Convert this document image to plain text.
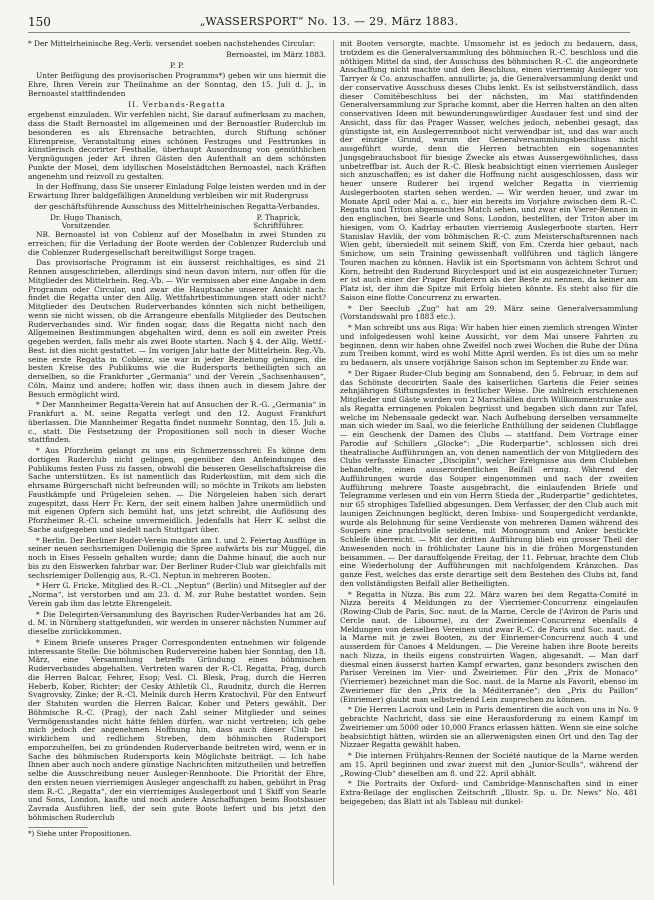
150	„WASSERSPORT“ No. 13. — 29. März 1883.

* Der Mittelrheinische Reg.-Verb. versendet soeben nachstehendes Circular:

Bernoastel, im März 1883.

P. P.

Unter Beifügung des provisorischen Programms*) geben wir uns hiermit die Ehre, Ihren Verein zur Theilnahme an der Sonntag, den 15. Juli d. J., in Bernoastel stattfindenden

II. Verbands-Regatta

ergebenst einzuladen. Wir verfehlen nicht, Sie darauf aufmerksam zu machen, dass die Stadt Bernoastel im allgemeinen und der Bernoastler Ruderclub im besonderen es als Ehrensache betrachten, durch Stiftung schöner Ehrenpreise, Veranstaltung eines schönen Festzuges und Festtrunkes in künstlerisch decorirter Festhalle, überhaupt Ausordnung von gemüthlichen Vergnügungen jeder Art ihren Gästen den Aufenthalt an dem schönsten Punkte der Mosel, dem idyllischen Moselstädtchen Bernoastel, nach Kräften angenehm und reizvoll zu gestalten.

In der Hoffnung, dass Sie unserer Einladung Folge leisten werden und in der Erwartung Ihrer baldgefälligen Anmeldung verbleiben wir mit Rudergruss

der geschäftsführende Ausschuss des Mittelrheinischen Regatta-Verbandes.

Dr. Hugo Thanisch,
Vorsitzender.
P. Thaprick,
Schriftführer.

NB. Bernoastel ist von Coblenz auf der Moselbahn in zwei Stunden zu erreichen; für die Verladung der Boote werden der Coblenzer Ruderclub und die Coblenzer Rudergesellschaft bereitwilligst Sorge tragen.

Das provisorische Programm ist ein äusserst reichhaltiges, es sind 21 Rennen ausgeschrieben, allerdings sind neun davon intern, nur offen für die Mitglieder des Mittelrhein. Reg.-Vb. — Wir vermissen aber eine Angabe in dem Programm oder Circular, und zwar die Hauptsache unserer Ansicht nach: findet die Regatta unter den Allg. Wettfahrtbestimmungen statt oder nicht? Mitglieder des Deutschen Ruderverbandes könnten sich nicht betheiligen, wenn sie nicht wissen, ob die Arrangeure ebenfalls Mitglieder des Deutschen Ruderverbandes sind. Wir finden sogar, dass die Regatta nicht nach den Allgemeinen Bestimmungen abgehalten wird, denn es soll ein zweiter Preis gegeben werden, falls mehr als zwei Boote starten. Nach § 4. der Allg. Wettf.-Best. ist dies nicht gestattet. — Im vorigen Jahr hatte der Mittelrhein. Reg.-Vb. seine erste Regatta in Coblenz, sie war in jeder Beziehung gelungen, die besten Kreise des Publikums wie die Rudersports betheiligten sich an derselben, so die Frankfurter „Germania“ und der Verein „Sachsenhausen“, Cöln, Mainz und andere; hoffen wir, dass ihnen auch in diesem Jahre der Besuch ermöglicht wird.

* Der Mannheimer Regatta-Verein hat auf Ansuchen der R.-G. „Germania“ in Frankfurt a. M. seine Regatta verlegt und den 12. August Frankfurt überlassen. Die Mannheimer Regatta findet nunmehr Sonntag, den 15. Juli a. c., statt. Die Festsetzung der Propositionen soll noch in dieser Woche stattfinden.

* Aus Pforzheim gelangt zu uns ein Schmerzensschrei: Es könne dem dortigen Ruderclub nicht gelingen, gegenüber den Anfeindungen des Publikums festen Fuss zu fassen, obwohl die besseren Gesellschaftskreise die Sache unterstützen. Es ist namentlich das Ruderkostüm, mit dem sich die ehrsame Bürgerschaft nicht befreunden will; so möchte in Trikots am liebsten Faustkämpfe und Prügeleien sehen. — Die Nörgeleien haben sich derart zugespitzt, dass Herr Fr. Kern, der seit einem halben Jahre unermüdlich und mit eigenen Opfern sich bemüht hat, uns jetzt schreibt, die Auflösung des Pforzheimer R.-Cl. scheine unvermeidlich. Jedenfalls hat Herr K. selbst die Sache aufgegeben und siedelt nach Stuttgart über.

* Berlin. Der Berliner Ruder-Verein machte am 1. und 2. Feiertag Ausflüge in seiner neuen sechsriemigen Dollengig die Spree aufwärts bis zur Müggel, die noch in Eises Fesseln gehalten wurde; dann die Dahme hinauf, die auch nur bis zu den Eiswerken fahrbar war. Der Berliner Ruder-Club war gleichfalls mit sechsriemiger Dollengig aus, R.-Cl. Neptun in mehreren Booten.

* Herr G. Fricke, Mitglied des R.-Cl. „Neptun“ (Berlin) und Mitsegler auf der „Norma“, ist verstorben und am 23. d. M. zur Ruhe bestattet worden. Sein Verein gab ihm das letzte Ehrengeleit.

* Die Delegirten-Versammlung des Bayrischen Ruder-Verbandes hat am 26. d. M. in Nürnberg stattgefunden, wir werden in unserer nächsten Nummer auf dieselbe zurückkommen.

* Einem Briefe unseres Prager Correspondenten entnehmen wir folgende interessante Stelle: Die böhmischen Rudervereine haben hier Sonntag, den 18. März, eine Versammlung betreffs Gründung eines böhmischen Ruderverbandes abgehalten. Vertreten waren der R.-Cl. Regatta, Prag, durch die Herren Balcar, Fehrer, Esop; Vesl. Cl. Blesk, Prag, durch die Herren Heberb, Kober, Richter; der Cesky Athletik Cl., Raudnitz, durch die Herren Svagrovsky, Zinke; der R.-Cl. Melnik durch Herrn Kratochvil. Für den Entwurf der Statuten wurden die Herren Balcar, Kober und Peters gewählt. Der Böhmische R.-C. (Prag), der nach Zahl seiner Mitglieder und seines Vermögensstandes nicht hätte fehlen dürfen, war nicht vertreten; ich gebe mich jedoch der angenehmen Hoffnung hin, dass auch dieser Club bei wirklichem und redlichem Streben, dem böhmischen Rudersport emporzuhelfen, bei zu gründenden Ruderverbande beitreten wird, wenn er in Sache des böhmischen Rudersports kein Möglichste beiträgt. — Ich habe Ihnen aber auch noch andere günstige Nachrichten mitzutheilen und betreffen selbe die Ausschreibung neuer Ausleger-Rennboote. Die Priorität der Ehre, den ersten neuen vierriemigen Ausleger angeschafft zu haben, gebührt in Prag dem R.-C. „Regatta“, der ein vierriemiges Auslegerboot und 1 Skiff von Searle und Sons, London, kaufte und noch andere Anschaffungen beim Bootsbauer Zavrada Ausführen ließ, der sein gute Boote liefert und bis jetzt den böhmischen Ruderclub

*) Siehe unter Propositionen.

mit Booten versorgte, machte. Umsomehr ist es jedoch zu bedauern, dass, trotzdem es die Generalversammlung des böhmischen R.-C. beschloss und die nöthigen Mittel da sind, der Ausschuss des böhmischen R.-C. die angeordnete Anschaffung nicht machte und den Beschluss, einen vierriemig Ausleger von Tarryer & Co. anzuschaffen, annullirte; ja, die Generalversammlung denkt und der conservative Ausschuss dieses Clubs lenkt. Es ist selbstverständlich, dass dieser Comitébeschluss bei der nächsten, im Mai stattfindenden Generalversammlung zur Sprache kommt, aber die Herren halten an den alten conservativen Ideen mit bewunderungswürdiger Ausdauer fest und sind der Ansicht, dass für das Prager Wasser, welches jedoch, nebenbei gesagt, das günstigste ist, ein Auslegerrennboot nicht verwendbar ist, und das war auch der einzige Grund, warum der Generalversammlungsbeschluss nicht ausgeführt wurde, denn die Herren betrachten ein sogenanntes Jungsgebrauchsboot für biesige Zwecke als etwas Aussergewöhnliches, dass unbetreffbar ist. Auch der R.-C. Blesk beabsichtigt einen vierriemen Ausleger sich anzuschaffen; es ist daher die Hoffnung nicht ausgeschlossen, dass wir heuer unsere Ruderer bei irgend welcher Regatta in vierriemig Auslegerbooten starten sehen werden. — Wir werden heuer, und zwar im Monate April oder Mai a. c., hier ein bereits im Vorjahre zwischen dem R.-C. Regatta und Triton abgemachtes Match sehen, und zwar ein Vierer-Rennen in den englischen, bei Searle und Sons, London, bestellten, der Triton aber im hiesigen, vom O. Kadrlay erbauten vierriemig Auslegerboote starten. Herr Stanislav Havlik, der vom böhmischen R.-C. zum Meisterschaftsrennen nach Wien geht, übersiedelt mit seinem Skiff, von Em. Czerda hier gebaut, nach Smichow, um sein Training gewissenhaft vollführen und täglich längere Touren machen zu können. Havlik ist ein Sportsmann von ächtem Schrot und Korn, betreibt den Ruderund Bicyclesport und ist ein ausgezeichneter Turner; er ist auch einer der Prager Ruderern als der Beste zu nennen, da keiner am Platz ist, der ihm die Spitze mit Erfolg bieten könnte. Es steht also für die Saison eine flotte Concurrenz zu erwarten.

* Der Seeclub „Zug“ hat am 29. März seine Generalversammlung (Vorstandswahl pro 1883 etc.).

* Man schreibt uns aus Riga: Wir haben hier einen ziemlich strengen Winter und infolgedessen wohl keine Aussicht, vor dem Mai unsere Fahrten zu beginnen, denn wir haben ohne Zweifel noch zwei Wochen die Ruhe der Düna zum Treiben kommt, wird es wohl Mitte April werden. Es ist dies um so mehr zu bedauern, als unsere vorjährige Saison schon im September zu Ende war.

* Der Rigaer Ruder-Club beging am Sonnabend, den 5. Februar, in dem auf das Schönste decorirten Saale des kaiserlichen Gartens die Feier seines zehnjährigen Stiftungsfestes in festlicher Weise. Die zahlreich erschienenen Mitglieder und Gäste wurden von 2 Marschällen durch Willkommentrunke aus als Regatta errungenen Pokalen begrüsst und begaben sich dann zur Tafel, welche im Nebensaale gedeckt war. Nach Aufhebung derselben versammelte man sich wieder im Saal, wo die feierliche Enthüllung der seidenen Clubflagge — ein Geschenk der Damen des Clubs — stattfand. Dem Vortrage einer Parodie auf Schillers „Glocke“: „Die Ruderpartie“, schlossen sich drei theatralische Aufführungen an, von denen namentlich der von Mitgliedern des Clubs verfasste Einacter „Disciplin“, welcher Ereignisse aus dem Clubleben behandelte, einen ausserordentlichen Beifall errang. Während der Aufführungen wurde das Souper eingenommen und nach der zweiten Aufführung mehrere Toaste ausgebracht, die einlaufenden Briefe und Telegramme verlesen und ein von Herrn Stieda der „Ruderpartie“ gedichtetes, nur 65 strophiges Tafellied abgesungen. Dem Verfasser, der den Club auch mit launigen Zeichnungen beglückt, deren Imbiss- und Soupergedicht verdankte, wurde als Belohnung für seine Verdienste von mehreren Damen während des Soupers eine prachtvolle seidene, mit Monogramm und Anker bestickte Schleife überreicht. — Mit der dritten Aufführung blieb ein grosser Theil der Anwesenden noch in fröhlichster Laune bis in die frühen Morgenstunden beisammen. — Der darauffolgende Freitag, der 11. Februar, brachte dem Club eine Wiederholung der Aufführungen mit nachfolgendem Kränzchen. Das ganze Fest, welches das erste derartige seit dem Bestehen des Clubs ist, fand den vollständigsten Beifall aller Betheiligten.

* Regatta in Nizza. Bis zum 22. März waren bei dem Regatta-Comité in Nizza bereits 4 Meldungen zu der Vierriemer-Concurrenz eingelaufen (Rowing-Club de Paris, Soc. naut. de la Marne, Cercle de l'Aviron de Paris und Cercle naut. de Libourne), zu der Zweiriemer-Concurrenz ebenfalls 4 Meldungen von denselben Vereinen und zwar R.-C. de Paris und Soc. naut. de la Marne mit je zwei Booten, zu der Einriemer-Concurrenz auch 4 und ausserdem für Canoes 4 Meldungen. — Die Vereine haben ihre Boote bereits nach Nizza, in theils eigens construirten Wagen, abgesandt. — Man darf diesmal einen äusserst harten Kampf erwarten, ganz besonders zwischen den Pariser Vereinen im Vier- und Zweiriemer. Für den „Prix de Monaco“ (Vierriemer) bezeichnet man die Soc. naut. de la Marne als Favorit, ebenso im Zweiriemer für den „Prix de la Méditerranée“; den „Prix du Paillon“ (Einriemer) glaubt man selbstredend Lein zusprechen zu können.

* Die Herren Lacroix und Lein in Paris dementiren die auch von uns in No. 9 gebrachte Nachricht, dass sie eine Herausforderung zu einem Kampf im Zweiriemer um 5000 oder 10,000 Francs erlassen hätten. Wenn sie eine solche beabsichtigt hätten, würden sie an allerwenigsten einen Ort und den Tag der Nizzaer Regatta gewählt haben.

* Die internen Frühjahrs-Rennen der Société nautique de la Marne werden am 15. April beginnen und zwar zuerst mit den „Junior-Sculls“, während der „Rowing-Club“ dieselben am 8. und 22. April abhält.

* Die Portraits der Oxford- und Cambridge-Mannschaften sind in einer Extra-Beilage der englischen Zeitschrift „Illustr. Sp. u. Dr. News“ No. 481 beigegeben; das Blatt ist als Tableau mit dunkel-
